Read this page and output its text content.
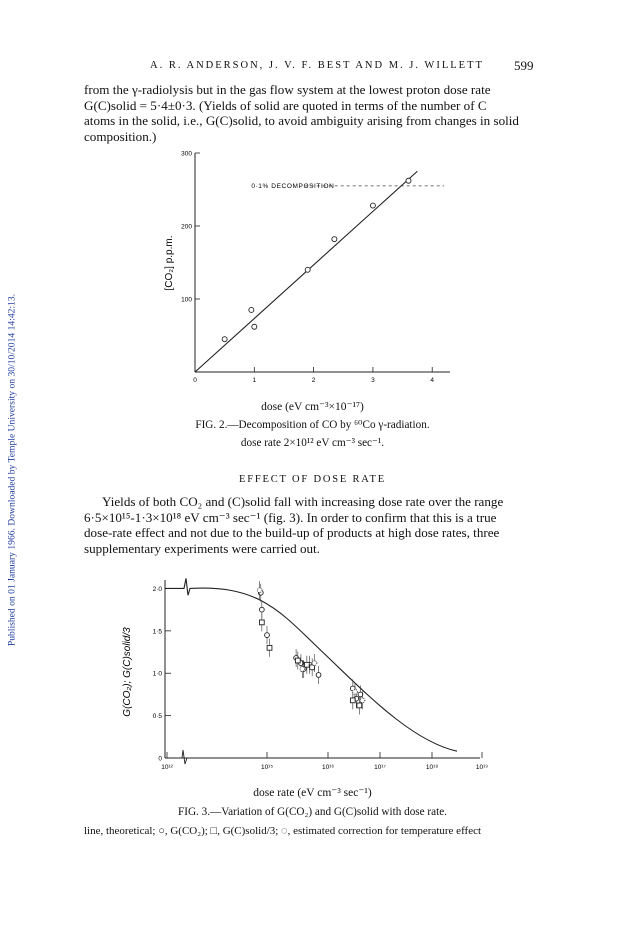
A. R. ANDERSON, J. V. F. BEST AND M. J. WILLETT 599
Published on 01 January 1966. Downloaded by Temple University on 30/10/2014 14:42:13.
from the γ-radiolysis but in the gas flow system at the lowest proton dose rate
G(C)solid = 5·4±0·3. (Yields of solid are quoted in terms of the number of C
atoms in the solid, i.e., G(C)solid, to avoid ambiguity arising from changes in solid
composition.)
100
200
300
0	1	2	3	4
0·1% DECOMPOSITION
[CO₂] p.p.m.
dose (eV cm⁻³×10⁻¹⁷)
FIG. 2.—Decomposition of CO by ⁶⁰Co γ-radiation.
dose rate 2×10¹² eV cm⁻³ sec⁻¹.
EFFECT OF DOSE RATE
Yields of both CO₂ and (C)solid fall with increasing dose rate over the range
6·5×10¹⁵-1·3×10¹⁸ eV cm⁻³ sec⁻¹ (fig. 3). In order to confirm that this is a true
dose-rate effect and not due to the build-up of products at high dose rates, three
supplementary experiments were carried out.
0
0·5
1·0
1·5
2·0
10¹²	10¹⁵	10¹⁶	10¹⁷	10¹⁸	10¹⁹
G(CO₂); G(C)solid/3
dose rate (eV cm⁻³ sec⁻¹)
FIG. 3.—Variation of G(CO₂) and G(C)solid with dose rate.
line, theoretical; ○, G(CO₂); □, G(C)solid/3; ◌, estimated correction for temperature effect
